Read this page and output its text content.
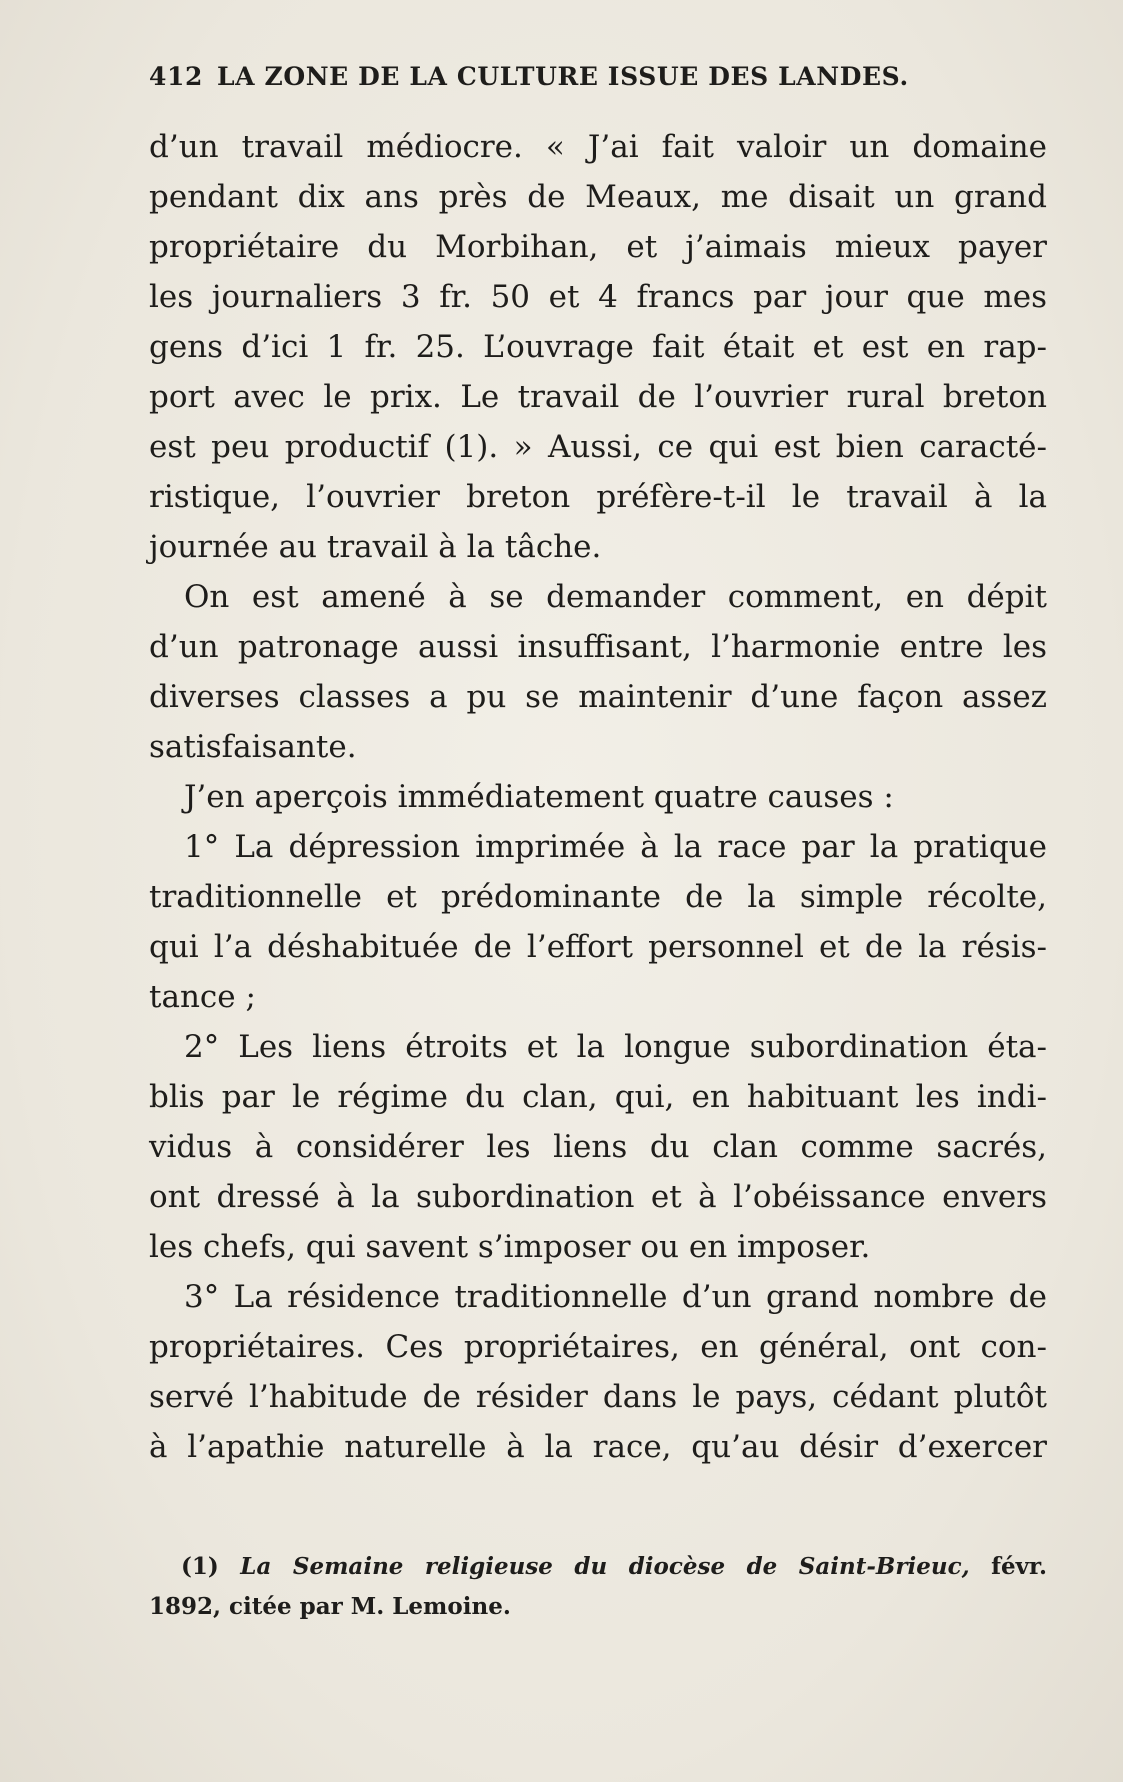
412 LA ZONE DE LA CULTURE ISSUE DES LANDES.
d’un travail médiocre. « J’ai fait valoir un domaine
pendant dix ans près de Meaux, me disait un grand
propriétaire du Morbihan, et j’aimais mieux payer
les journaliers 3 fr. 50 et 4 francs par jour que mes
gens d’ici 1 fr. 25. L’ouvrage fait était et est en rap-
port avec le prix. Le travail de l’ouvrier rural breton
est peu productif (1). » Aussi, ce qui est bien caracté-
ristique, l’ouvrier breton préfère-t-il le travail à la
journée au travail à la tâche.
On est amené à se demander comment, en dépit
d’un patronage aussi insuffisant, l’harmonie entre les
diverses classes a pu se maintenir d’une façon assez
satisfaisante.
J’en aperçois immédiatement quatre causes :
1° La dépression imprimée à la race par la pratique
traditionnelle et prédominante de la simple récolte,
qui l’a déshabituée de l’effort personnel et de la résis-
tance ;
2° Les liens étroits et la longue subordination éta-
blis par le régime du clan, qui, en habituant les indi-
vidus à considérer les liens du clan comme sacrés,
ont dressé à la subordination et à l’obéissance envers
les chefs, qui savent s’imposer ou en imposer.
3° La résidence traditionnelle d’un grand nombre de
propriétaires. Ces propriétaires, en général, ont con-
servé l’habitude de résider dans le pays, cédant plutôt
à l’apathie naturelle à la race, qu’au désir d’exercer
(1) La Semaine religieuse du diocèse de Saint-Brieuc, févr.
1892, citée par M. Lemoine.
